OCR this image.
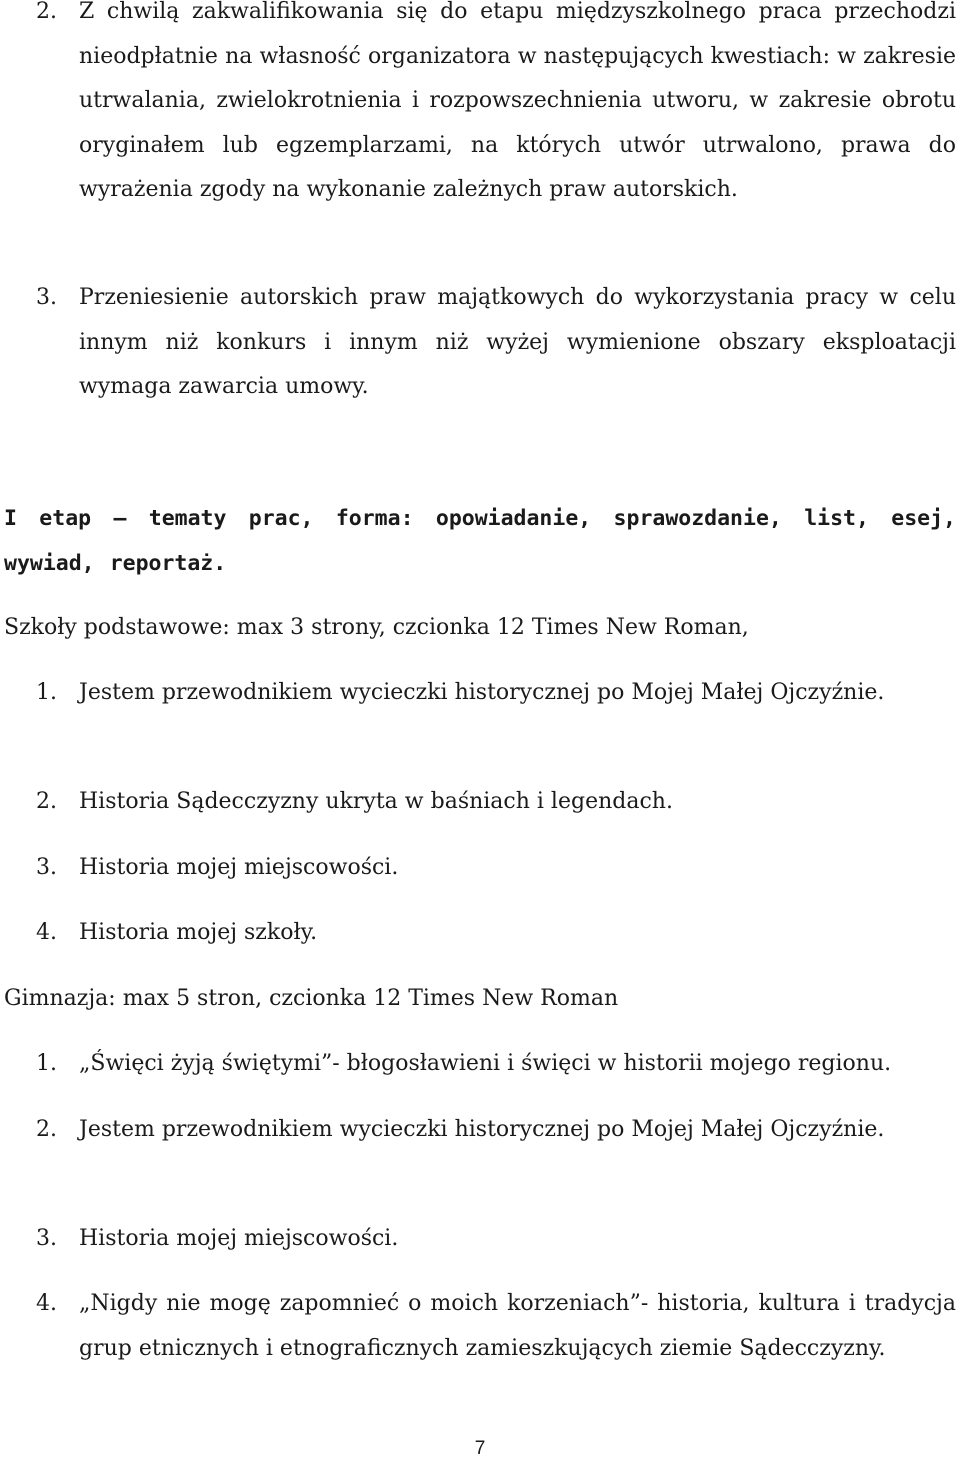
2.	Z chwilą zakwalifikowania się do etapu międzyszkolnego praca przechodzi nieodpłatnie na własność organizatora w następujących kwestiach: w zakresie utrwalania, zwielokrotnienia i rozpowszechnienia utworu, w zakresie obrotu oryginałem lub egzemplarzami, na których utwór utrwalono, prawa do wyrażenia zgody na wykonanie zależnych praw autorskich.
3.	Przeniesienie autorskich praw majątkowych do wykorzystania pracy w celu innym niż konkurs i innym niż wyżej wymienione obszary eksploatacji wymaga zawarcia umowy.
I etap – tematy prac, forma: opowiadanie, sprawozdanie, list, esej, wywiad, reportaż.
Szkoły podstawowe: max 3 strony, czcionka 12 Times New Roman,
1.	Jestem przewodnikiem wycieczki historycznej po Mojej Małej Ojczyźnie.
2.	Historia Sądecczyzny ukryta w baśniach i legendach.
3.	Historia mojej miejscowości.
4.	Historia mojej szkoły.
Gimnazja: max 5 stron, czcionka 12 Times New Roman
1.	„Święci żyją świętymi”- błogosławieni i święci w historii mojego regionu.
2.	Jestem przewodnikiem wycieczki historycznej po Mojej Małej Ojczyźnie.
3.	Historia mojej miejscowości.
4.	„Nigdy nie mogę zapomnieć o moich korzeniach”- historia, kultura i tradycja grup etnicznych i etnograficznych zamieszkujących ziemie Sądecczyzny.
7
